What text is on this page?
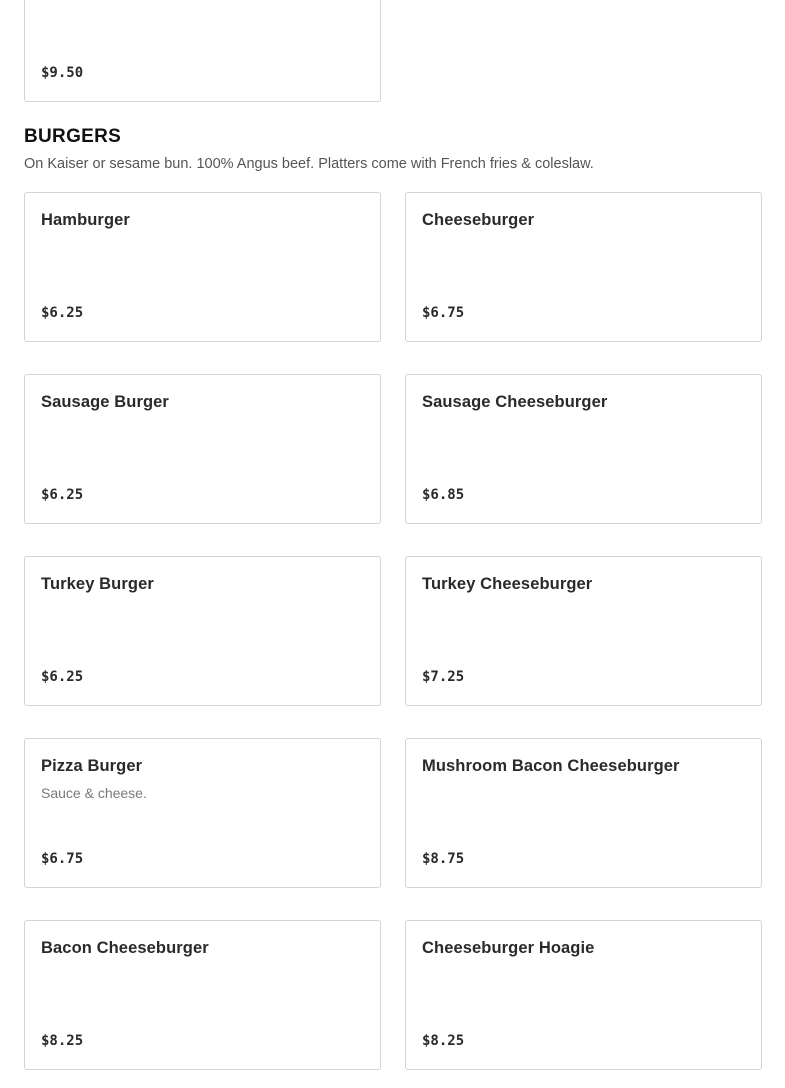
$9.50
BURGERS

On Kaiser or sesame bun. 100% Angus beef. Platters come with French fries & coleslaw.

Hamburger
$6.25
Cheeseburger
$6.75
Sausage Burger
$6.25
Sausage Cheeseburger
$6.85
Turkey Burger
$6.25
Turkey Cheeseburger
$7.25
Pizza Burger
Sauce & cheese.
$6.75
Mushroom Bacon Cheeseburger
$8.75
Bacon Cheeseburger
$8.25
Cheeseburger Hoagie
$8.25
